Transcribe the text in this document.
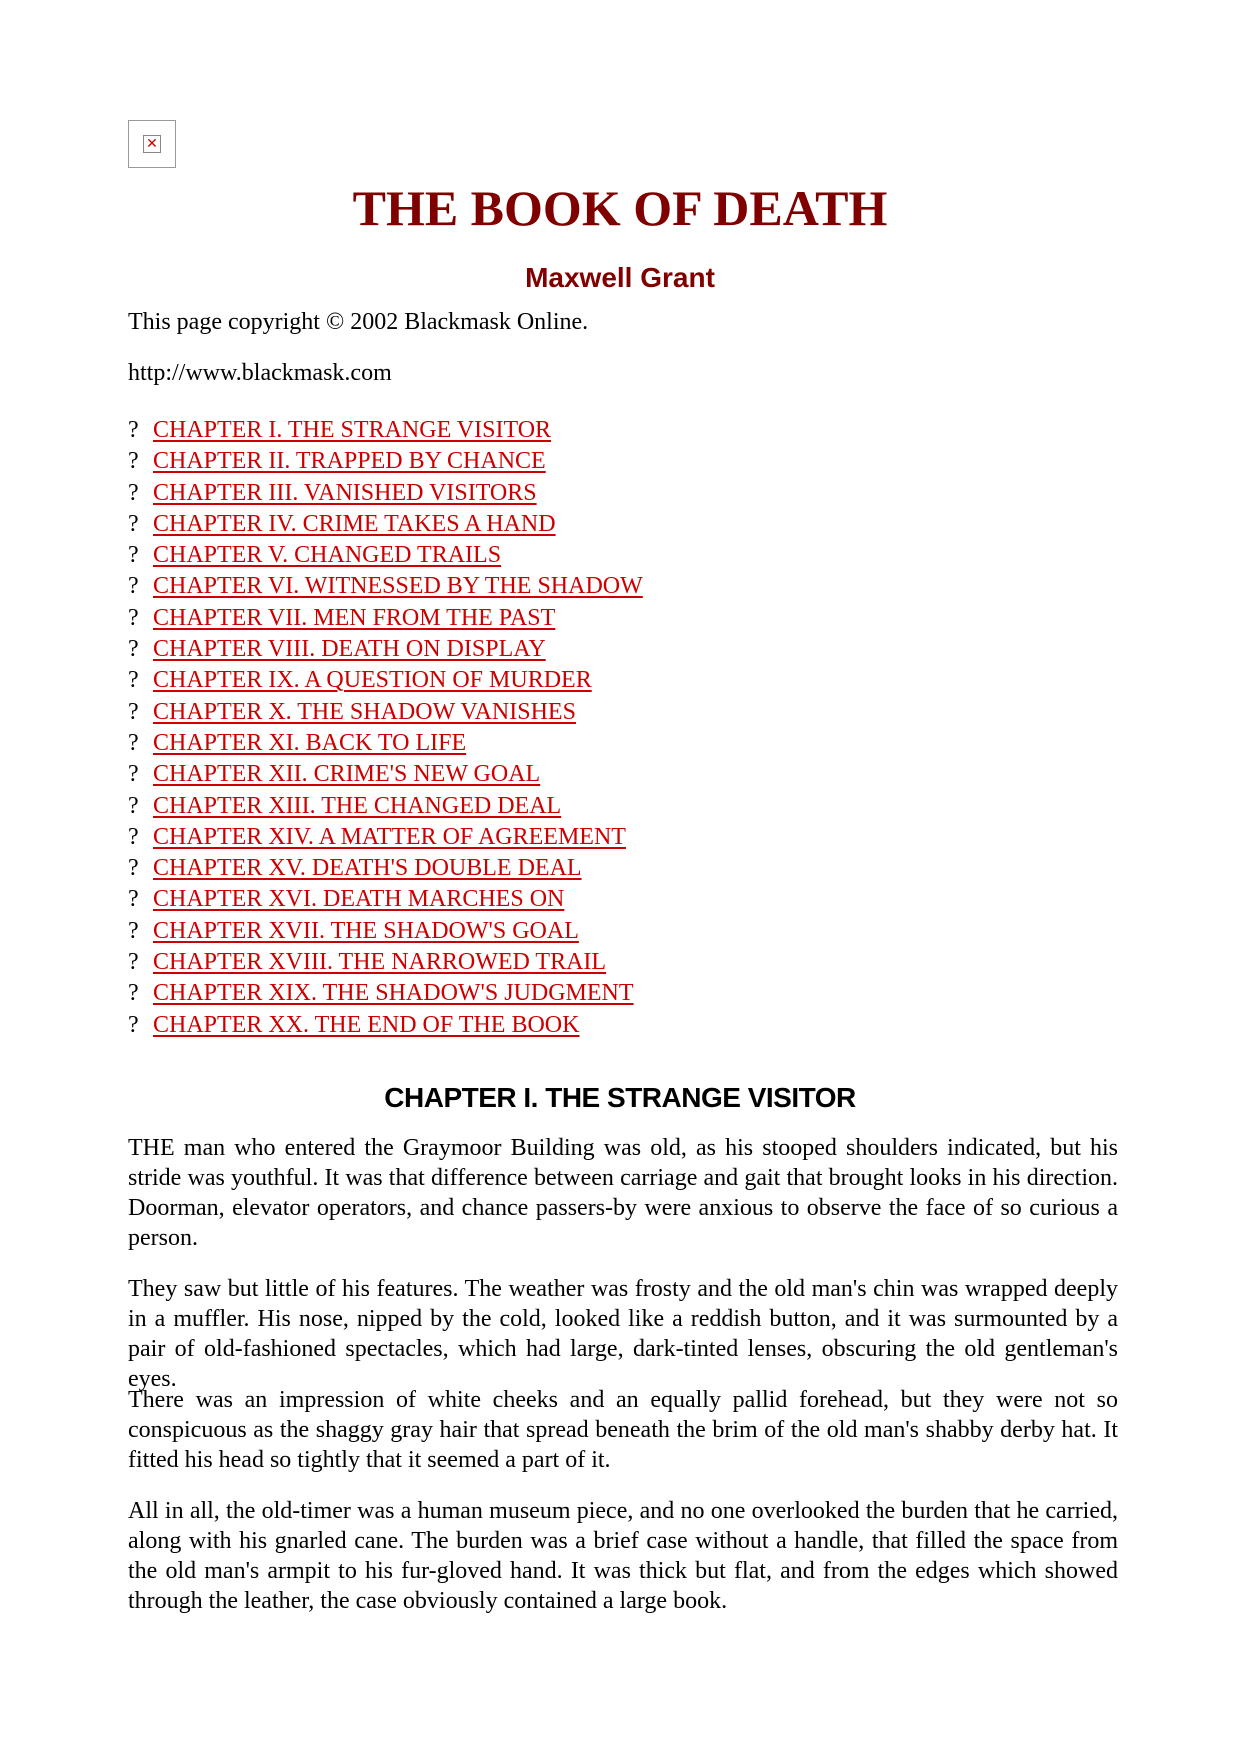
✕
THE BOOK OF DEATH
Maxwell Grant

This page copyright © 2002 Blackmask Online.

http://www.blackmask.com

? CHAPTER I. THE STRANGE VISITOR
? CHAPTER II. TRAPPED BY CHANCE
? CHAPTER III. VANISHED VISITORS
? CHAPTER IV. CRIME TAKES A HAND
? CHAPTER V. CHANGED TRAILS
? CHAPTER VI. WITNESSED BY THE SHADOW
? CHAPTER VII. MEN FROM THE PAST
? CHAPTER VIII. DEATH ON DISPLAY
? CHAPTER IX. A QUESTION OF MURDER
? CHAPTER X. THE SHADOW VANISHES
? CHAPTER XI. BACK TO LIFE
? CHAPTER XII. CRIME'S NEW GOAL
? CHAPTER XIII. THE CHANGED DEAL
? CHAPTER XIV. A MATTER OF AGREEMENT
? CHAPTER XV. DEATH'S DOUBLE DEAL
? CHAPTER XVI. DEATH MARCHES ON
? CHAPTER XVII. THE SHADOW'S GOAL
? CHAPTER XVIII. THE NARROWED TRAIL
? CHAPTER XIX. THE SHADOW'S JUDGMENT
? CHAPTER XX. THE END OF THE BOOK
CHAPTER I. THE STRANGE VISITOR

THE man who entered the Graymoor Building was old, as his stooped shoulders indicated, but his stride was youthful. It was that difference between carriage and gait that brought looks in his direction. Doorman, elevator operators, and chance passers-by were anxious to observe the face of so curious a person.

They saw but little of his features. The weather was frosty and the old man's chin was wrapped deeply in a muffler. His nose, nipped by the cold, looked like a reddish button, and it was surmounted by a pair of old-fashioned spectacles, which had large, dark-tinted lenses, obscuring the old gentleman's eyes.

There was an impression of white cheeks and an equally pallid forehead, but they were not so conspicuous as the shaggy gray hair that spread beneath the brim of the old man's shabby derby hat. It fitted his head so tightly that it seemed a part of it.

All in all, the old-timer was a human museum piece, and no one overlooked the burden that he carried, along with his gnarled cane. The burden was a brief case without a handle, that filled the space from the old man's armpit to his fur-gloved hand. It was thick but flat, and from the edges which showed through the leather, the case obviously contained a large book.
